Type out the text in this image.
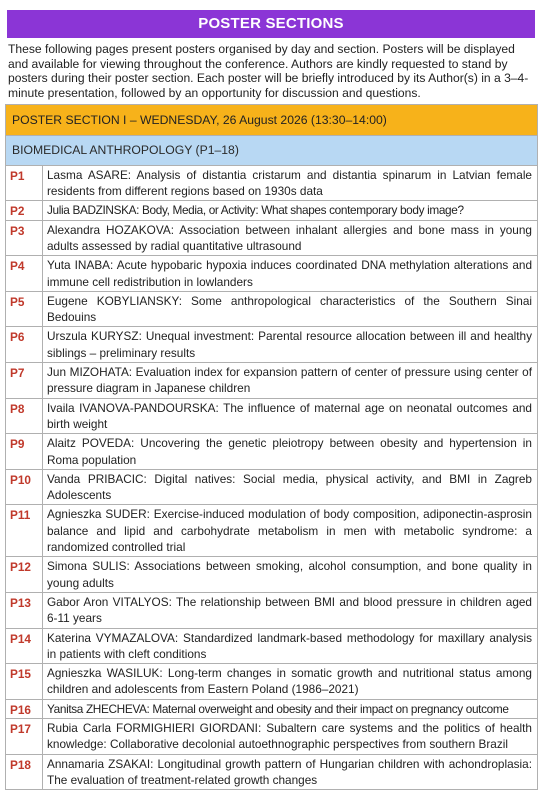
POSTER SECTIONS

These following pages present posters organised by day and section. Posters will be displayed and available for viewing throughout the conference. Authors are kindly requested to stand by posters during their poster section. Each poster will be briefly introduced by its Author(s) in a 3–4-minute presentation, followed by an opportunity for discussion and questions.

POSTER SECTION I – WEDNESDAY, 26 August 2026 (13:30–14:00)	
BIOMEDICAL ANTHROPOLOGY (P1–18)	
P1	Lasma ASARE: Analysis of distantia cristarum and distantia spinarum in Latvian female residents from different regions based on 1930s data
P2	Julia BADZINSKA: Body, Media, or Activity: What shapes contemporary body image?
P3	Alexandra HOZAKOVA: Association between inhalant allergies and bone mass in young adults assessed by radial quantitative ultrasound
P4	Yuta INABA: Acute hypobaric hypoxia induces coordinated DNA methylation alterations and immune cell redistribution in lowlanders
P5	Eugene KOBYLIANSKY: Some anthropological characteristics of the Southern Sinai Bedouins
P6	Urszula KURYSZ: Unequal investment: Parental resource allocation between ill and healthy siblings – preliminary results
P7	Jun MIZOHATA: Evaluation index for expansion pattern of center of pressure using center of pressure diagram in Japanese children
P8	Ivaila IVANOVA-PANDOURSKA: The influence of maternal age on neonatal outcomes and birth weight
P9	Alaitz POVEDA: Uncovering the genetic pleiotropy between obesity and hypertension in Roma population
P10	Vanda PRIBACIC: Digital natives: Social media, physical activity, and BMI in Zagreb Adolescents
P11	Agnieszka SUDER: Exercise-induced modulation of body composition, adiponectin-asprosin balance and lipid and carbohydrate metabolism in men with metabolic syndrome: a randomized controlled trial
P12	Simona SULIS: Associations between smoking, alcohol consumption, and bone quality in young adults
P13	Gabor Aron VITALYOS: The relationship between BMI and blood pressure in children aged 6-11 years
P14	Katerina VYMAZALOVA: Standardized landmark-based methodology for maxillary analysis in patients with cleft conditions
P15	Agnieszka WASILUK: Long-term changes in somatic growth and nutritional status among children and adolescents from Eastern Poland (1986–2021)
P16	Yanitsa ZHECHEVA: Maternal overweight and obesity and their impact on pregnancy outcome
P17	Rubia Carla FORMIGHIERI GIORDANI: Subaltern care systems and the politics of health knowledge: Collaborative decolonial autoethnographic perspectives from southern Brazil
P18	Annamaria ZSAKAI: Longitudinal growth pattern of Hungarian children with achondroplasia: The evaluation of treatment-related growth changes
